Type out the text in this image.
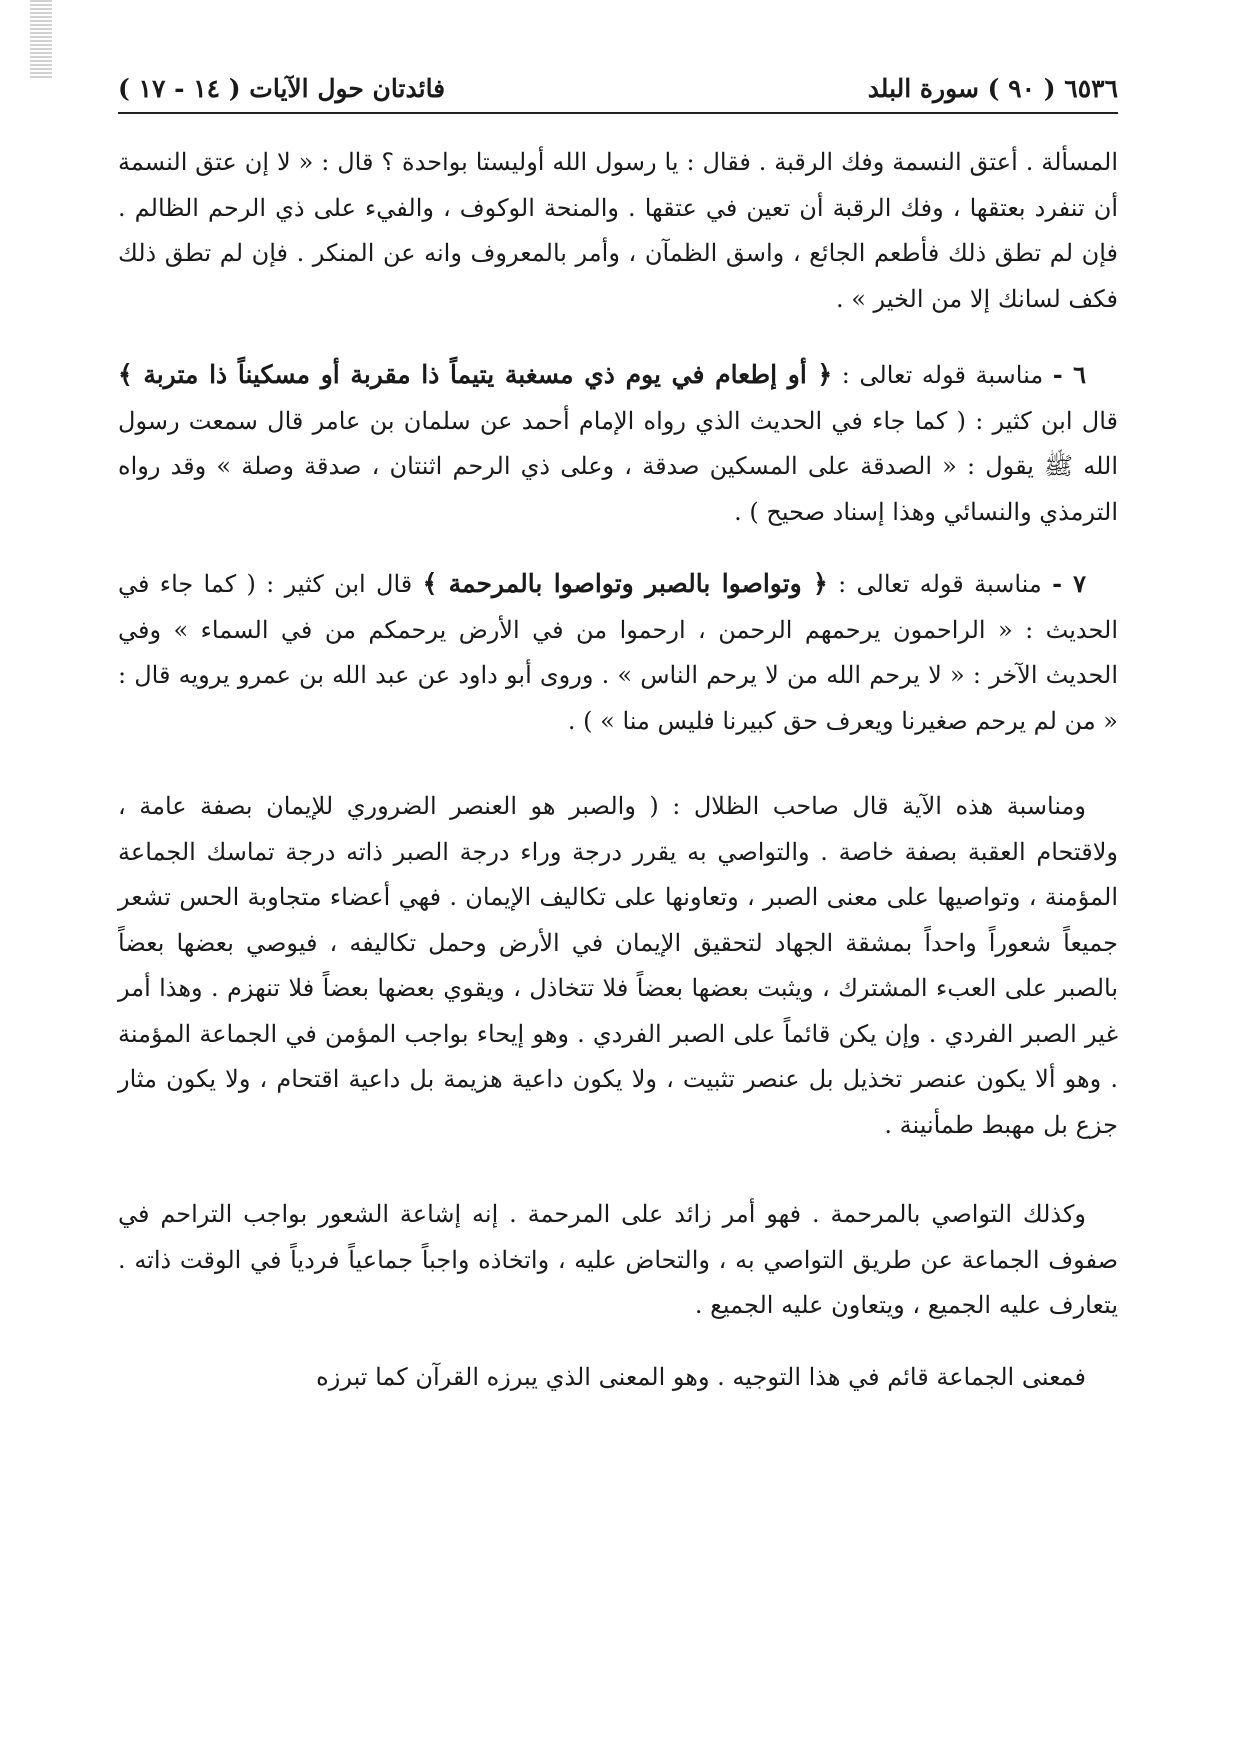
٦٥٣٦ ( ٩٠ ) سورة البلد
فائدتان حول الآيات ( ١٤ - ١٧ )

المسألة . أعتق النسمة وفك الرقبة . فقال : يا رسول الله أوليستا بواحدة ؟ قال : « لا إن عتق النسمة أن تنفرد بعتقها ، وفك الرقبة أن تعين في عتقها . والمنحة الوكوف ، والفيء على ذي الرحم الظالم . فإن لم تطق ذلك فأطعم الجائع ، واسق الظمآن ، وأمر بالمعروف وانه عن المنكر . فإن لم تطق ذلك فكف لسانك إلا من الخير » .

٦ - مناسبة قوله تعالى : ﴿ أو إطعام في يوم ذي مسغبة يتيماً ذا مقربة أو مسكيناً ذا متربة ﴾ قال ابن كثير : ( كما جاء في الحديث الذي رواه الإمام أحمد عن سلمان بن عامر قال سمعت رسول الله ﷺ يقول : « الصدقة على المسكين صدقة ، وعلى ذي الرحم اثنتان ، صدقة وصلة » وقد رواه الترمذي والنسائي وهذا إسناد صحيح ) .

٧ - مناسبة قوله تعالى : ﴿ وتواصوا بالصبر وتواصوا بالمرحمة ﴾ قال ابن كثير : ( كما جاء في الحديث : « الراحمون يرحمهم الرحمن ، ارحموا من في الأرض يرحمكم من في السماء » وفي الحديث الآخر : « لا يرحم الله من لا يرحم الناس » . وروى أبو داود عن عبد الله بن عمرو يرويه قال : « من لم يرحم صغيرنا ويعرف حق كبيرنا فليس منا » ) .

ومناسبة هذه الآية قال صاحب الظلال : ( والصبر هو العنصر الضروري للإيمان بصفة عامة ، ولاقتحام العقبة بصفة خاصة . والتواصي به يقرر درجة وراء درجة الصبر ذاته درجة تماسك الجماعة المؤمنة ، وتواصيها على معنى الصبر ، وتعاونها على تكاليف الإيمان . فهي أعضاء متجاوبة الحس تشعر جميعاً شعوراً واحداً بمشقة الجهاد لتحقيق الإيمان في الأرض وحمل تكاليفه ، فيوصي بعضها بعضاً بالصبر على العبء المشترك ، ويثبت بعضها بعضاً فلا تتخاذل ، ويقوي بعضها بعضاً فلا تنهزم . وهذا أمر غير الصبر الفردي . وإن يكن قائماً على الصبر الفردي . وهو إيحاء بواجب المؤمن في الجماعة المؤمنة . وهو ألا يكون عنصر تخذيل بل عنصر تثبيت ، ولا يكون داعية هزيمة بل داعية اقتحام ، ولا يكون مثار جزع بل مهبط طمأنينة .

وكذلك التواصي بالمرحمة . فهو أمر زائد على المرحمة . إنه إشاعة الشعور بواجب التراحم في صفوف الجماعة عن طريق التواصي به ، والتحاض عليه ، واتخاذه واجباً جماعياً فردياً في الوقت ذاته . يتعارف عليه الجميع ، ويتعاون عليه الجميع .

فمعنى الجماعة قائم في هذا التوجيه . وهو المعنى الذي يبرزه القرآن كما تبرزه
